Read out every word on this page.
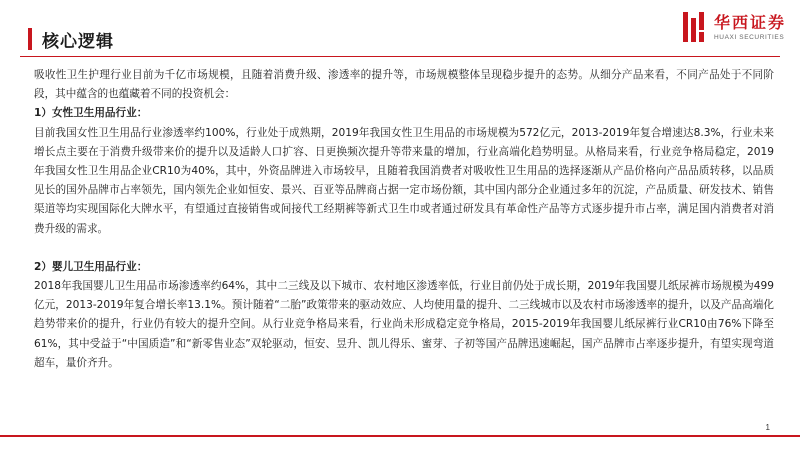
核心逻辑
华西证券
HUAXI SECURITIES

吸收性卫生护理行业目前为千亿市场规模，且随着消费升级、渗透率的提升等，市场规模整体呈现稳步提升的态势。从细分产品来看，不同产品处于不同阶段，其中蕴含的也蕴藏着不同的投资机会：

1）女性卫生用品行业：

目前我国女性卫生用品行业渗透率约100%，行业处于成熟期，2019年我国女性卫生用品的市场规模为572亿元，2013-2019年复合增速达8.3%，行业未来增长点主要在于消费升级带来价的提升以及适龄人口扩容、日更换频次提升等带来量的增加，行业高端化趋势明显。从格局来看，行业竞争格局稳定，2019 年我国女性卫生用品企业CR10为40%，其中，外资品牌进入市场较早，且随着我国消费者对吸收性卫生用品的选择逐渐从产品价格向产品品质转移，以品质见长的国外品牌市占率领先，国内领先企业如恒安、景兴、百亚等品牌商占据一定市场份额，其中国内部分企业通过多年的沉淀，产品质量、研发技术、销售渠道等均实现国际化大牌水平，有望通过直接销售或间接代工经期裤等新式卫生巾或者通过研发具有革命性产品等方式逐步提升市占率，满足国内消费者对消费升级的需求。

2）婴儿卫生用品行业：

2018年我国婴儿卫生用品市场渗透率约64%，其中二三线及以下城市、农村地区渗透率低，行业目前仍处于成长期，2019年我国婴儿纸尿裤市场规模为499亿元，2013-2019年复合增长率13.1%。预计随着“二胎”政策带来的驱动效应、人均使用量的提升、二三线城市以及农村市场渗透率的提升，以及产品高端化趋势带来价的提升，行业仍有较大的提升空间。从行业竞争格局来看，行业尚未形成稳定竞争格局，2015-2019年我国婴儿纸尿裤行业CR10由76%下降至61%，其中受益于“中国质造”和“新零售业态”双轮驱动，恒安、昱升、凯儿得乐、蜜芽、子初等国产品牌迅速崛起，国产品牌市占率逐步提升，有望实现弯道超车，量价齐升。

1
